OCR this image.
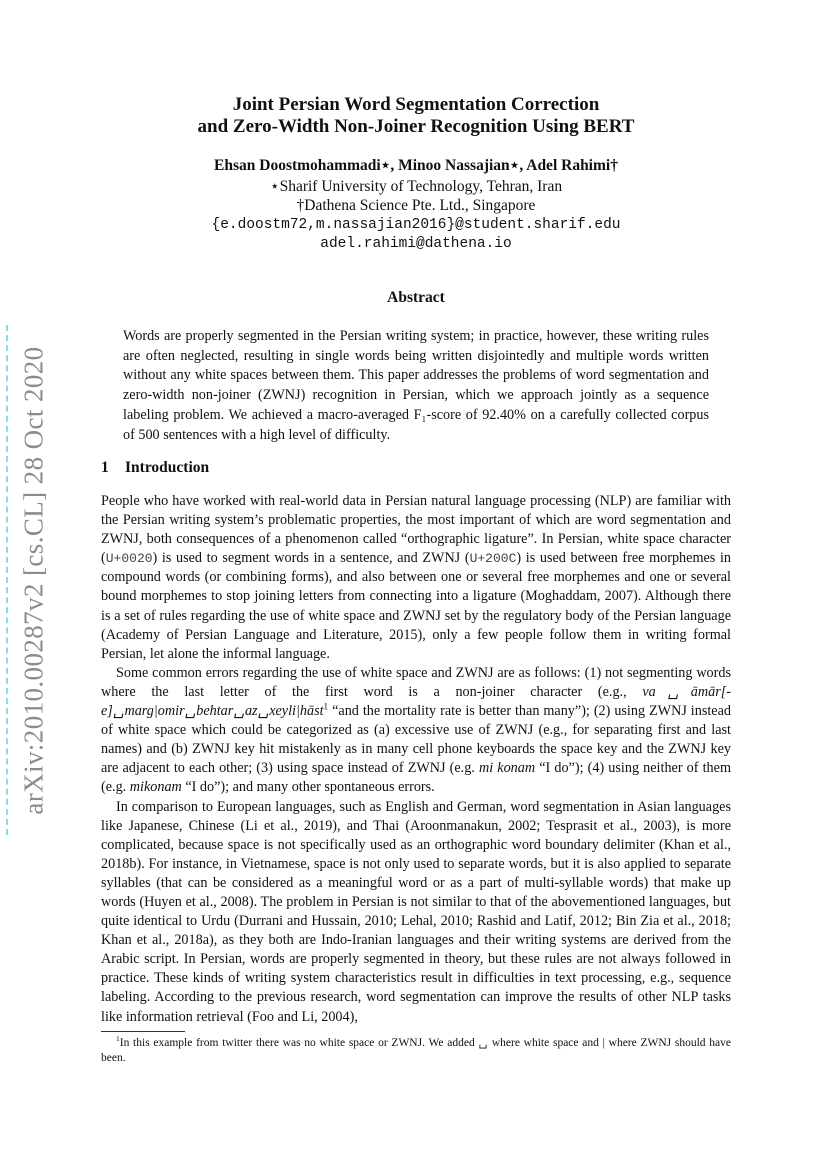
arXiv:2010.00287v2 [cs.CL] 28 Oct 2020
Joint Persian Word Segmentation Correction
and Zero-Width Non-Joiner Recognition Using BERT
Ehsan Doostmohammadi⋆, Minoo Nassajian⋆, Adel Rahimi†
⋆Sharif University of Technology, Tehran, Iran
†Dathena Science Pte. Ltd., Singapore
{e.doostm72,m.nassajian2016}@student.sharif.edu
adel.rahimi@dathena.io
Abstract
Words are properly segmented in the Persian writing system; in practice, however, these writing rules are often neglected, resulting in single words being written disjointedly and multiple words written without any white spaces between them. This paper addresses the problems of word segmentation and zero-width non-joiner (ZWNJ) recognition in Persian, which we approach jointly as a sequence labeling problem. We achieved a macro-averaged F₁-score of 92.40% on a carefully collected corpus of 500 sentences with a high level of difficulty.
1 Introduction

People who have worked with real-world data in Persian natural language processing (NLP) are familiar with the Persian writing system’s problematic properties, the most important of which are word segmentation and ZWNJ, both consequences of a phenomenon called “orthographic ligature”. In Persian, white space character (U+0020) is used to segment words in a sentence, and ZWNJ (U+200C) is used between free morphemes in compound words (or combining forms), and also between one or several free morphemes and one or several bound morphemes to stop joining letters from connecting into a ligature (Moghaddam, 2007). Although there is a set of rules regarding the use of white space and ZWNJ set by the regulatory body of the Persian language (Academy of Persian Language and Literature, 2015), only a few people follow them in writing formal Persian, let alone the informal language.

Some common errors regarding the use of white space and ZWNJ are as follows: (1) not segmenting words where the last letter of the first word is a non-joiner character (e.g., va␣āmār[-e]␣marg|omir␣behtar␣az␣xeyli|hāst$^1$ “and the mortality rate is better than many”); (2) using ZWNJ instead of white space which could be categorized as (a) excessive use of ZWNJ (e.g., for separating first and last names) and (b) ZWNJ key hit mistakenly as in many cell phone keyboards the space key and the ZWNJ key are adjacent to each other; (3) using space instead of ZWNJ (e.g. mi konam “I do”); (4) using neither of them (e.g. mikonam “I do”); and many other spontaneous errors.

In comparison to European languages, such as English and German, word segmentation in Asian languages like Japanese, Chinese (Li et al., 2019), and Thai (Aroonmanakun, 2002; Tesprasit et al., 2003), is more complicated, because space is not specifically used as an orthographic word boundary delimiter (Khan et al., 2018b). For instance, in Vietnamese, space is not only used to separate words, but it is also applied to separate syllables (that can be considered as a meaningful word or as a part of multi-syllable words) that make up words (Huyen et al., 2008). The problem in Persian is not similar to that of the abovementioned languages, but quite identical to Urdu (Durrani and Hussain, 2010; Lehal, 2010; Rashid and Latif, 2012; Bin Zia et al., 2018; Khan et al., 2018a), as they both are Indo-Iranian languages and their writing systems are derived from the Arabic script. In Persian, words are properly segmented in theory, but these rules are not always followed in practice. These kinds of writing system characteristics result in difficulties in text processing, e.g., sequence labeling. According to the previous research, word segmentation can improve the results of other NLP tasks like information retrieval (Foo and Li, 2004),

$^1$In this example from twitter there was no white space or ZWNJ. We added ␣ where white space and | where ZWNJ should have been.
